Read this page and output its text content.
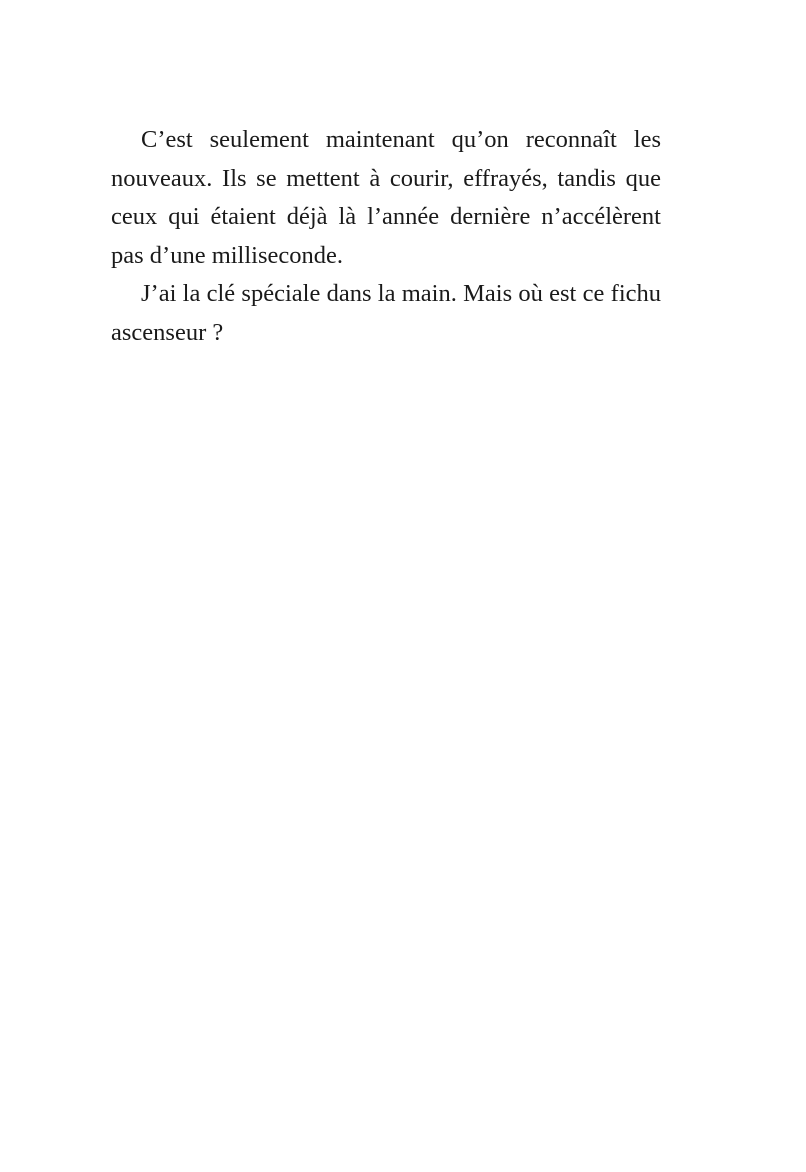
C’est seulement maintenant qu’on reconnaît les nouveaux. Ils se mettent à courir, effrayés, tandis que ceux qui étaient déjà là l’année dernière n’accélèrent pas d’une milliseconde.

J’ai la clé spéciale dans la main. Mais où est ce fichu ascenseur ?
